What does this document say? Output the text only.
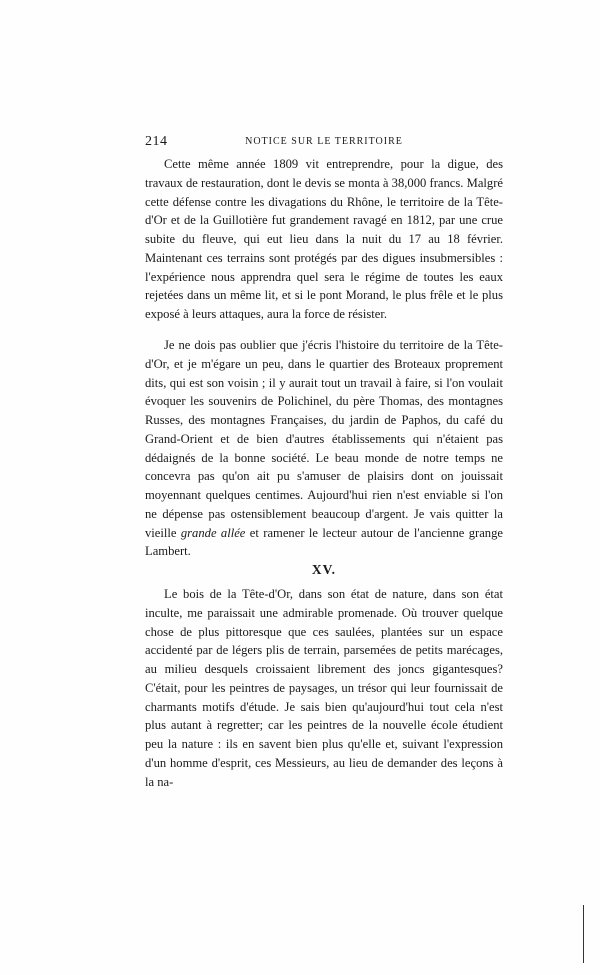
214	NOTICE SUR LE TERRITOIRE

Cette même année 1809 vit entreprendre, pour la digue, des travaux de restauration, dont le devis se monta à 38,000 francs. Malgré cette défense contre les divagations du Rhône, le territoire de la Tête-d'Or et de la Guillotière fut grandement ravagé en 1812, par une crue subite du fleuve, qui eut lieu dans la nuit du 17 au 18 février. Maintenant ces terrains sont protégés par des digues insubmersibles : l'expérience nous apprendra quel sera le régime de toutes les eaux rejetées dans un même lit, et si le pont Morand, le plus frêle et le plus exposé à leurs attaques, aura la force de résister.

Je ne dois pas oublier que j'écris l'histoire du territoire de la Tête-d'Or, et je m'égare un peu, dans le quartier des Broteaux proprement dits, qui est son voisin ; il y aurait tout un travail à faire, si l'on voulait évoquer les souvenirs de Polichinel, du père Thomas, des montagnes Russes, des montagnes Françaises, du jardin de Paphos, du café du Grand-Orient et de bien d'autres établissements qui n'étaient pas dédaignés de la bonne société. Le beau monde de notre temps ne concevra pas qu'on ait pu s'amuser de plaisirs dont on jouissait moyennant quelques centimes. Aujourd'hui rien n'est enviable si l'on ne dépense pas ostensiblement beaucoup d'argent. Je vais quitter la vieille grande allée et ramener le lecteur autour de l'ancienne grange Lambert.

XV.

Le bois de la Tête-d'Or, dans son état de nature, dans son état inculte, me paraissait une admirable promenade. Où trouver quelque chose de plus pittoresque que ces saulées, plantées sur un espace accidenté par de légers plis de terrain, parsemées de petits marécages, au milieu desquels croissaient librement des joncs gigantesques? C'était, pour les peintres de paysages, un trésor qui leur fournissait de charmants motifs d'étude. Je sais bien qu'aujourd'hui tout cela n'est plus autant à regretter; car les peintres de la nouvelle école étudient peu la nature : ils en savent bien plus qu'elle et, suivant l'expression d'un homme d'esprit, ces Messieurs, au lieu de demander des leçons à la na-
